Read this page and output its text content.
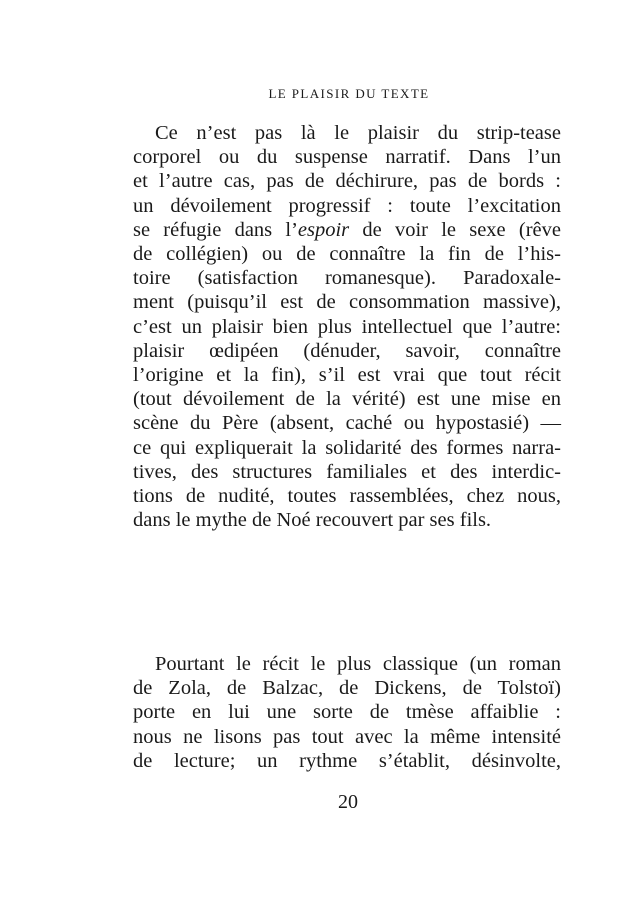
LE PLAISIR DU TEXTE

Ce n’est pas là le plaisir du strip-tease
corporel ou du suspense narratif. Dans l’un
et l’autre cas, pas de déchirure, pas de bords :
un dévoilement progressif : toute l’excitation
se réfugie dans l’espoir de voir le sexe (rêve
de collégien) ou de connaître la fin de l’his-
toire (satisfaction romanesque). Paradoxale-
ment (puisqu’il est de consommation massive),
c’est un plaisir bien plus intellectuel que l’autre:
plaisir œdipéen (dénuder, savoir, connaître
l’origine et la fin), s’il est vrai que tout récit
(tout dévoilement de la vérité) est une mise en
scène du Père (absent, caché ou hypostasié) —
ce qui expliquerait la solidarité des formes narra-
tives, des structures familiales et des interdic-
tions de nudité, toutes rassemblées, chez nous,
dans le mythe de Noé recouvert par ses fils.

Pourtant le récit le plus classique (un roman
de Zola, de Balzac, de Dickens, de Tolstoï)
porte en lui une sorte de tmèse affaiblie :
nous ne lisons pas tout avec la même intensité
de lecture; un rythme s’établit, désinvolte,

20
